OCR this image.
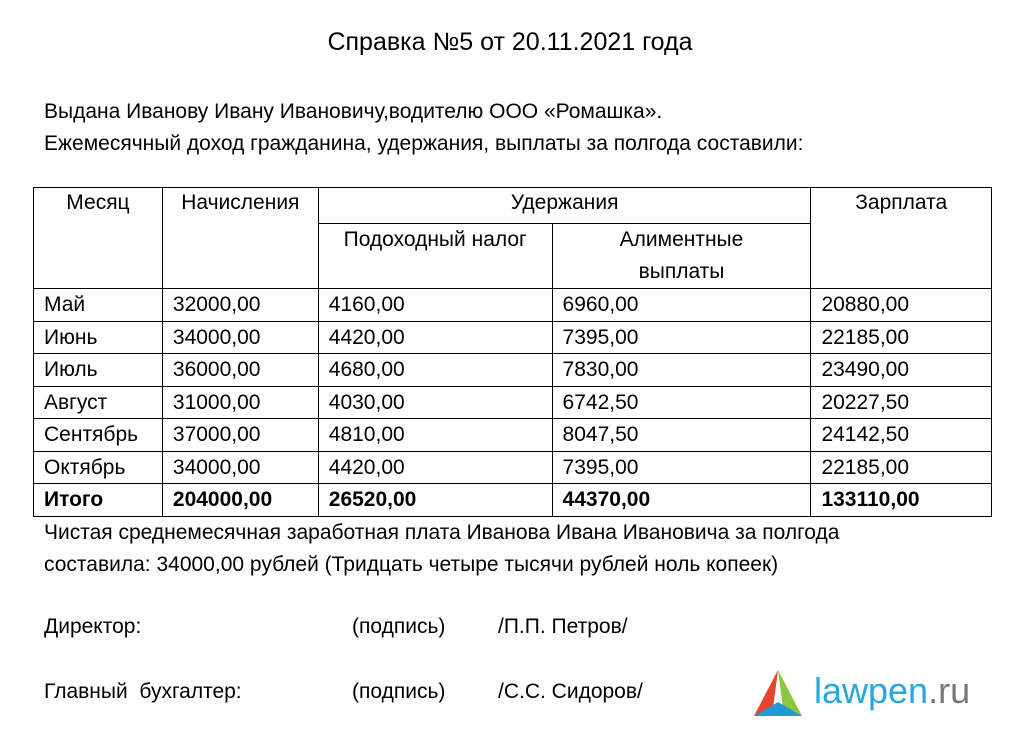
Справка №5 от 20.11.2021 года
Выдана Иванову Ивану Ивановичу,водителю ООО «Ромашка».
Ежемесячный доход гражданина, удержания, выплаты за полгода составили:
Месяц	Начисления	Удержания		Зарплата
		Подоходный налог	Алиментные выплаты	
Май	32000,00	4160,00	6960,00	20880,00
Июнь	34000,00	4420,00	7395,00	22185,00
Июль	36000,00	4680,00	7830,00	23490,00
Август	31000,00	4030,00	6742,50	20227,50
Сентябрь	37000,00	4810,00	8047,50	24142,50
Октябрь	34000,00	4420,00	7395,00	22185,00
Итого	204000,00	26520,00	44370,00	133110,00
Чистая среднемесячная заработная плата Иванова Ивана Ивановича за полгода
составила: 34000,00 рублей (Тридцать четыре тысячи рублей ноль копеек)
Директор:	(подпись)	/П.П. Петров/
Главный  бухгалтер:	(подпись)	/С.С. Сидоров/	lawpen.ru
